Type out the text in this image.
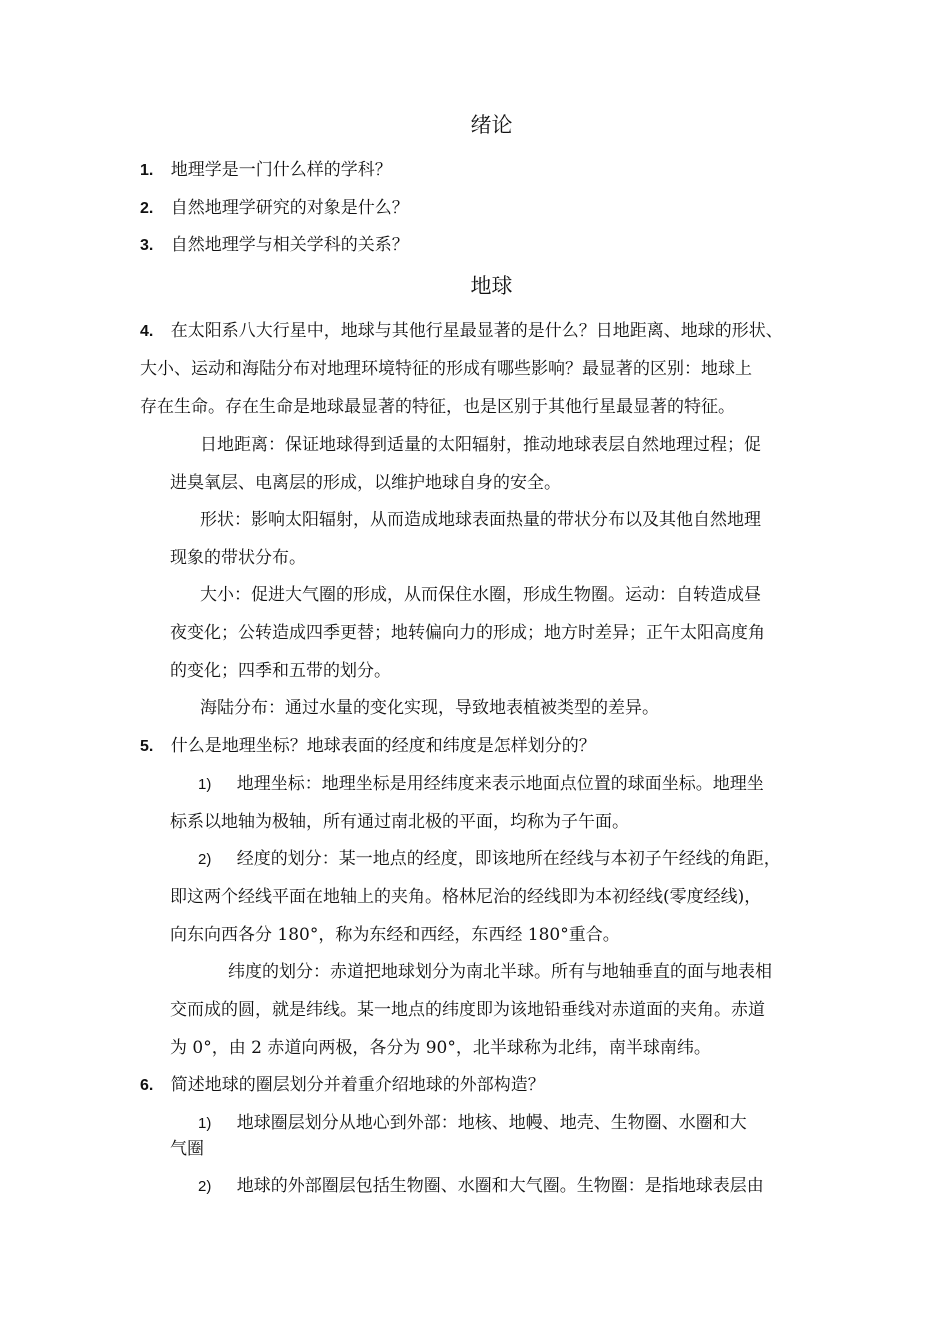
绪论
1. 地理学是一门什么样的学科？
2. 自然地理学研究的对象是什么？
3. 自然地理学与相关学科的关系？
地球
4. 在太阳系八大行星中，地球与其他行星最显著的是什么？日地距离、地球的形状、
大小、运动和海陆分布对地理环境特征的形成有哪些影响？最显著的区别：地球上
存在生命。存在生命是地球最显著的特征，也是区别于其他行星最显著的特征。
日地距离：保证地球得到适量的太阳辐射，推动地球表层自然地理过程；促
进臭氧层、电离层的形成，以维护地球自身的安全。
形状：影响太阳辐射，从而造成地球表面热量的带状分布以及其他自然地理
现象的带状分布。
大小：促进大气圈的形成，从而保住水圈，形成生物圈。运动：自转造成昼
夜变化；公转造成四季更替；地转偏向力的形成；地方时差异；正午太阳高度角
的变化；四季和五带的划分。
海陆分布：通过水量的变化实现，导致地表植被类型的差异。
5. 什么是地理坐标？地球表面的经度和纬度是怎样划分的？
1) 地理坐标：地理坐标是用经纬度来表示地面点位置的球面坐标。地理坐
标系以地轴为极轴，所有通过南北极的平面，均称为子午面。
2) 经度的划分：某一地点的经度，即该地所在经线与本初子午经线的角距，
即这两个经线平面在地轴上的夹角。格林尼治的经线即为本初经线(零度经线)，
向东向西各分 180°，称为东经和西经，东西经 180°重合。
纬度的划分：赤道把地球划分为南北半球。所有与地轴垂直的面与地表相
交而成的圆，就是纬线。某一地点的纬度即为该地铅垂线对赤道面的夹角。赤道
为 0°，由 2 赤道向两极，各分为 90°，北半球称为北纬，南半球南纬。
6. 简述地球的圈层划分并着重介绍地球的外部构造？
1) 地球圈层划分从地心到外部：地核、地幔、地壳、生物圈、水圈和大
气圈
2) 地球的外部圈层包括生物圈、水圈和大气圈。生物圈：是指地球表层由
